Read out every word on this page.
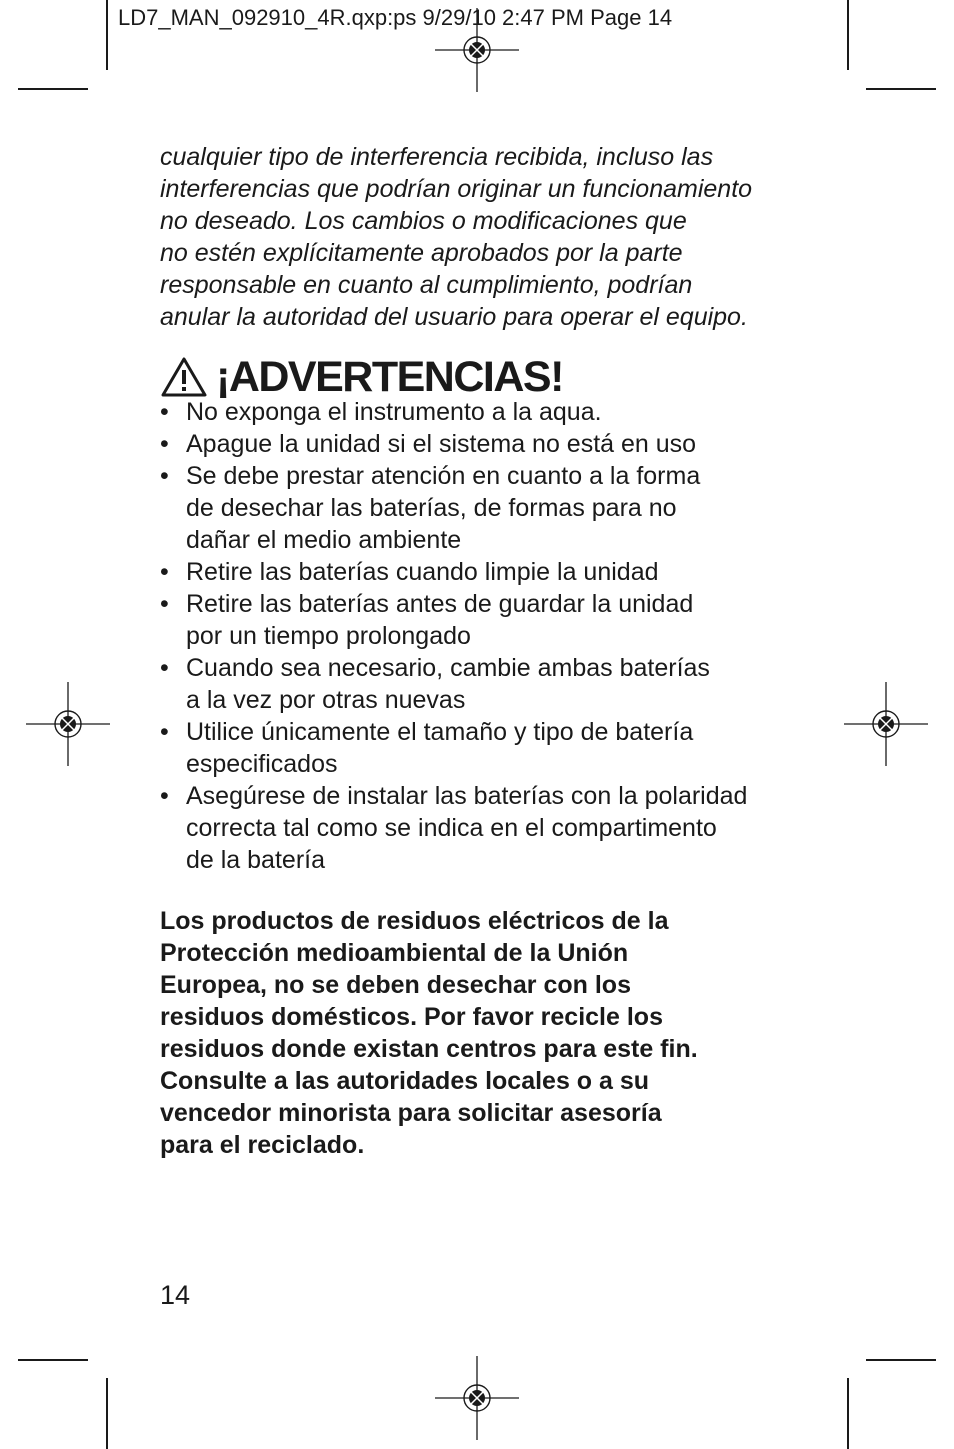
LD7_MAN_092910_4R.qxp:ps 9/29/10 2:47 PM Page 14

cualquier tipo de interferencia recibida, incluso las

interferencias que podrían originar un funcionamiento

no deseado. Los cambios o modificaciones que

no estén explícitamente aprobados por la parte

responsable en cuanto al cumplimiento, podrían

anular la autoridad del usuario para operar el equipo.

¡ADVERTENCIAS!
• No exponga el instrumento a la aqua.
• Apague la unidad si el sistema no está en uso
• Se debe prestar atención en cuanto a la forma
de desechar las baterías, de formas para no
dañar el medio ambiente
• Retire las baterías cuando limpie la unidad
• Retire las baterías antes de guardar la unidad
por un tiempo prolongado
• Cuando sea necesario, cambie ambas baterías
a la vez por otras nuevas
• Utilice únicamente el tamaño y tipo de batería
especificados
• Asegúrese de instalar las baterías con la polaridad
correcta tal como se indica en el compartimento
de la batería

Los productos de residuos eléctricos de la

Protección medioambiental de la Unión

Europea, no se deben desechar con los

residuos domésticos. Por favor recicle los

residuos donde existan centros para este fin.

Consulte a las autoridades locales o a su

vencedor minorista para solicitar asesoría

para el reciclado.

14
